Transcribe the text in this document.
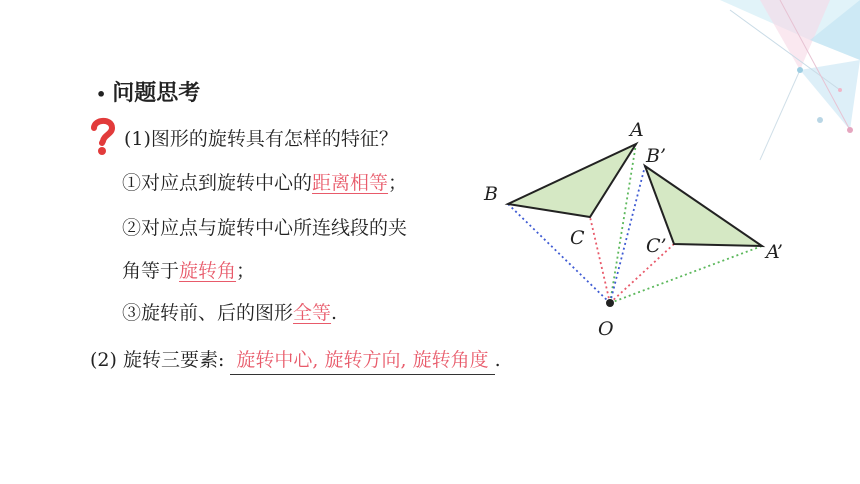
• 问题思考
(1)图形的旋转具有怎样的特征？
①对应点到旋转中心的距离相等；
②对应点与旋转中心所连线段的夹
角等于旋转角；
③旋转前、后的图形全等.
(2) 旋转三要素: 旋转中心, 旋转方向, 旋转角度 .
A
B
C
B’
C’	A’
O
